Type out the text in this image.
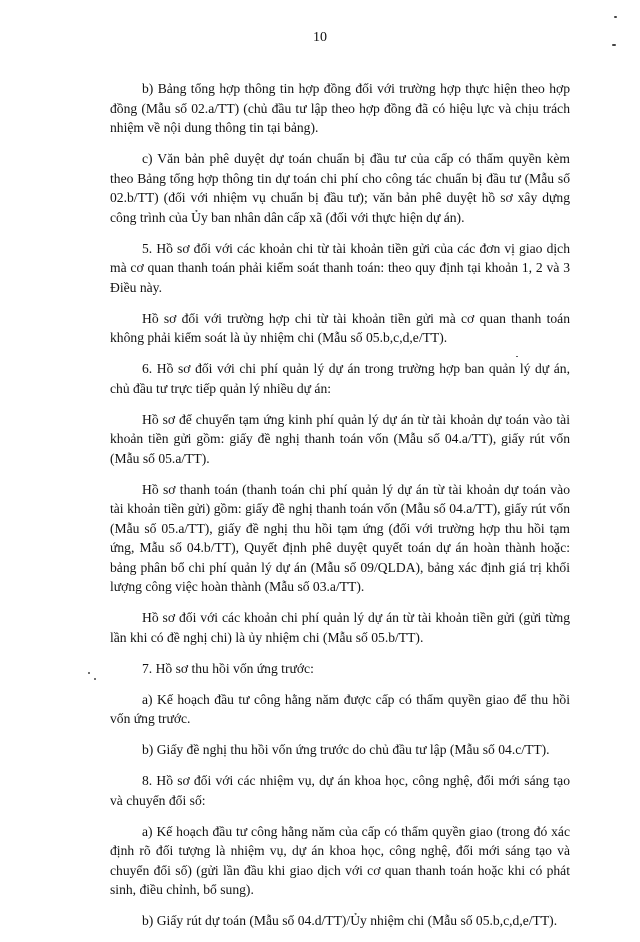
10

b) Bảng tổng hợp thông tin hợp đồng đối với trường hợp thực hiện theo hợp đồng (Mẫu số 02.a/TT) (chủ đầu tư lập theo hợp đồng đã có hiệu lực và chịu trách nhiệm về nội dung thông tin tại bảng).

c) Văn bản phê duyệt dự toán chuẩn bị đầu tư của cấp có thẩm quyền kèm theo Bảng tổng hợp thông tin dự toán chi phí cho công tác chuẩn bị đầu tư (Mẫu số 02.b/TT) (đối với nhiệm vụ chuẩn bị đầu tư); văn bản phê duyệt hồ sơ xây dựng công trình của Ủy ban nhân dân cấp xã (đối với thực hiện dự án).

5. Hồ sơ đối với các khoản chi từ tài khoản tiền gửi của các đơn vị giao dịch mà cơ quan thanh toán phải kiểm soát thanh toán: theo quy định tại khoản 1, 2 và 3 Điều này.

Hồ sơ đối với trường hợp chi từ tài khoản tiền gửi mà cơ quan thanh toán không phải kiểm soát là ủy nhiệm chi (Mẫu số 05.b,c,d,e/TT).

6. Hồ sơ đối với chi phí quản lý dự án trong trường hợp ban quản lý dự án, chủ đầu tư trực tiếp quản lý nhiều dự án:

Hồ sơ để chuyển tạm ứng kinh phí quản lý dự án từ tài khoản dự toán vào tài khoản tiền gửi gồm: giấy đề nghị thanh toán vốn (Mẫu số 04.a/TT), giấy rút vốn (Mẫu số 05.a/TT).

Hồ sơ thanh toán (thanh toán chi phí quản lý dự án từ tài khoản dự toán vào tài khoản tiền gửi) gồm: giấy đề nghị thanh toán vốn (Mẫu số 04.a/TT), giấy rút vốn (Mẫu số 05.a/TT), giấy đề nghị thu hồi tạm ứng (đối với trường hợp thu hồi tạm ứng, Mẫu số 04.b/TT), Quyết định phê duyệt quyết toán dự án hoàn thành hoặc: bảng phân bổ chi phí quản lý dự án (Mẫu số 09/QLDA), bảng xác định giá trị khối lượng công việc hoàn thành (Mẫu số 03.a/TT).

Hồ sơ đối với các khoản chi phí quản lý dự án từ tài khoản tiền gửi (gửi từng lần khi có đề nghị chi) là ủy nhiệm chi (Mẫu số 05.b/TT).

7. Hồ sơ thu hồi vốn ứng trước:

a) Kế hoạch đầu tư công hằng năm được cấp có thẩm quyền giao để thu hồi vốn ứng trước.

b) Giấy đề nghị thu hồi vốn ứng trước do chủ đầu tư lập (Mẫu số 04.c/TT).

8. Hồ sơ đối với các nhiệm vụ, dự án khoa học, công nghệ, đổi mới sáng tạo và chuyển đổi số:

a) Kế hoạch đầu tư công hằng năm của cấp có thẩm quyền giao (trong đó xác định rõ đối tượng là nhiệm vụ, dự án khoa học, công nghệ, đổi mới sáng tạo và chuyển đổi số) (gửi lần đầu khi giao dịch với cơ quan thanh toán hoặc khi có phát sinh, điều chỉnh, bổ sung).

b) Giấy rút dự toán (Mẫu số 04.d/TT)/Ủy nhiệm chi (Mẫu số 05.b,c,d,e/TT).
